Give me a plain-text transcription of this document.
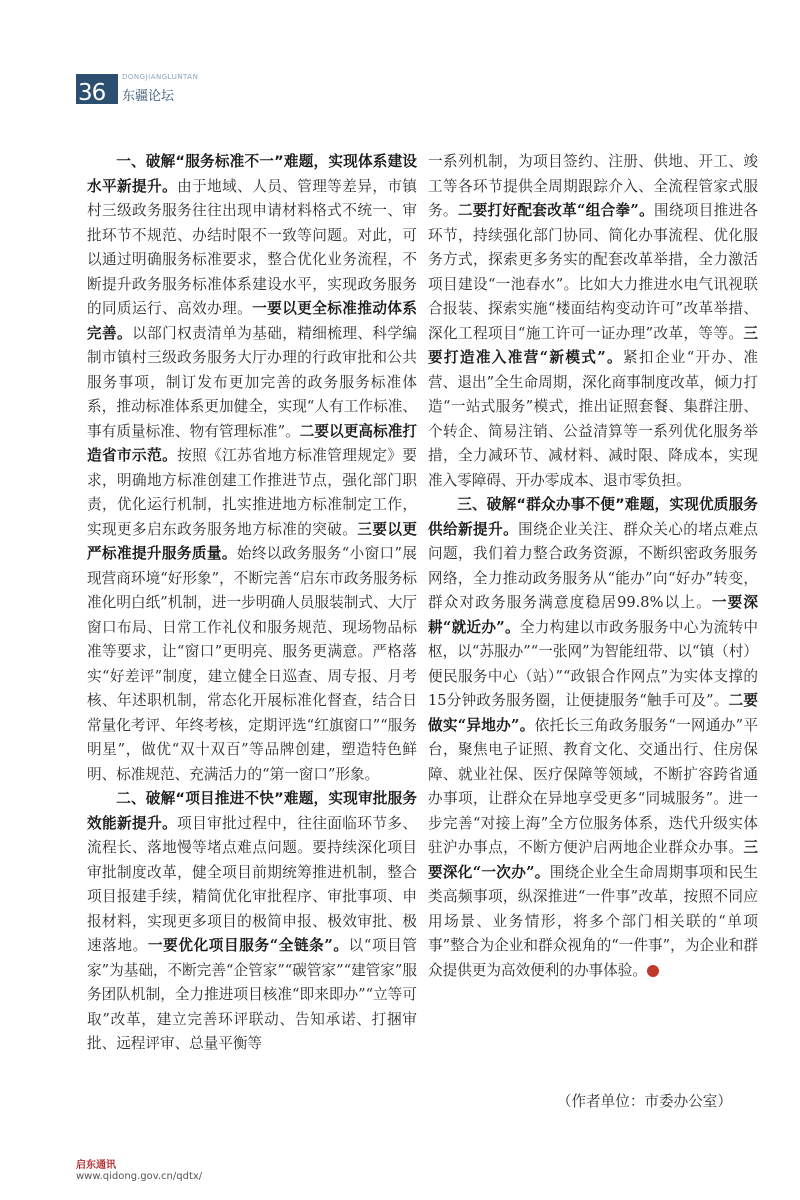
36
DONGJIANGLUNTAN
东疆论坛

一、破解“服务标准不一”难题，实现体系建设水平新提升。由于地域、人员、管理等差异，市镇村三级政务服务往往出现申请材料格式不统一、审批环节不规范、办结时限不一致等问题。对此，可以通过明确服务标准要求，整合优化业务流程，不断提升政务服务标准体系建设水平，实现政务服务的同质运行、高效办理。一要以更全标准推动体系完善。以部门权责清单为基础，精细梳理、科学编制市镇村三级政务服务大厅办理的行政审批和公共服务事项，制订发布更加完善的政务服务标准体系，推动标准体系更加健全，实现“人有工作标准、事有质量标准、物有管理标准”。二要以更高标准打造省市示范。按照《江苏省地方标准管理规定》要求，明确地方标准创建工作推进节点，强化部门职责，优化运行机制，扎实推进地方标准制定工作，实现更多启东政务服务地方标准的突破。三要以更严标准提升服务质量。始终以政务服务“小窗口”展现营商环境“好形象”，不断完善“启东市政务服务标准化明白纸”机制，进一步明确人员服装制式、大厅窗口布局、日常工作礼仪和服务规范、现场物品标准等要求，让“窗口”更明亮、服务更满意。严格落实“好差评”制度，建立健全日巡查、周专报、月考核、年述职机制，常态化开展标准化督查，结合日常量化考评、年终考核，定期评选“红旗窗口”“服务明星”，做优“双十双百”等品牌创建，塑造特色鲜明、标准规范、充满活力的“第一窗口”形象。

二、破解“项目推进不快”难题，实现审批服务效能新提升。项目审批过程中，往往面临环节多、流程长、落地慢等堵点难点问题。要持续深化项目审批制度改革，健全项目前期统筹推进机制，整合项目报建手续，精简优化审批程序、审批事项、申报材料，实现更多项目的极简申报、极效审批、极速落地。一要优化项目服务“全链条”。以“项目管家”为基础，不断完善“企管家”“碳管家”“建管家”服务团队机制，全力推进项目核准“即来即办”“立等可取”改革，建立完善环评联动、告知承诺、打捆审批、远程评审、总量平衡等

一系列机制，为项目签约、注册、供地、开工、竣工等各环节提供全周期跟踪介入、全流程管家式服务。二要打好配套改革“组合拳”。围绕项目推进各环节，持续强化部门协同、简化办事流程、优化服务方式，探索更多务实的配套改革举措，全力激活项目建设“一池春水”。比如大力推进水电气讯视联合报装、探索实施“楼面结构变动许可”改革举措、深化工程项目“施工许可一证办理”改革，等等。三要打造准入准营“新模式”。紧扣企业“开办、准营、退出”全生命周期，深化商事制度改革，倾力打造“一站式服务”模式，推出证照套餐、集群注册、个转企、简易注销、公益清算等一系列优化服务举措，全力减环节、减材料、减时限、降成本，实现准入零障碍、开办零成本、退市零负担。

三、破解“群众办事不便”难题，实现优质服务供给新提升。围绕企业关注、群众关心的堵点难点问题，我们着力整合政务资源，不断织密政务服务网络，全力推动政务服务从“能办”向“好办”转变，群众对政务服务满意度稳居99.8%以上。一要深耕“就近办”。全力构建以市政务服务中心为流转中枢，以“苏服办”“一张网”为智能纽带、以“镇（村）便民服务中心（站）”“政银合作网点”为实体支撑的15分钟政务服务圈，让便捷服务“触手可及”。二要做实“异地办”。依托长三角政务服务“一网通办”平台，聚焦电子证照、教育文化、交通出行、住房保障、就业社保、医疗保障等领域，不断扩容跨省通办事项，让群众在异地享受更多“同城服务”。进一步完善“对接上海”全方位服务体系，迭代升级实体驻沪办事点，不断方便沪启两地企业群众办事。三要深化“一次办”。围绕企业全生命周期事项和民生类高频事项，纵深推进“一件事”改革，按照不同应用场景、业务情形，将多个部门相关联的“单项事”整合为企业和群众视角的“一件事”，为企业和群众提供更为高效便利的办事体验。	启

（作者单位：市委办公室）
启东通讯
www.qidong.gov.cn/qdtx/
